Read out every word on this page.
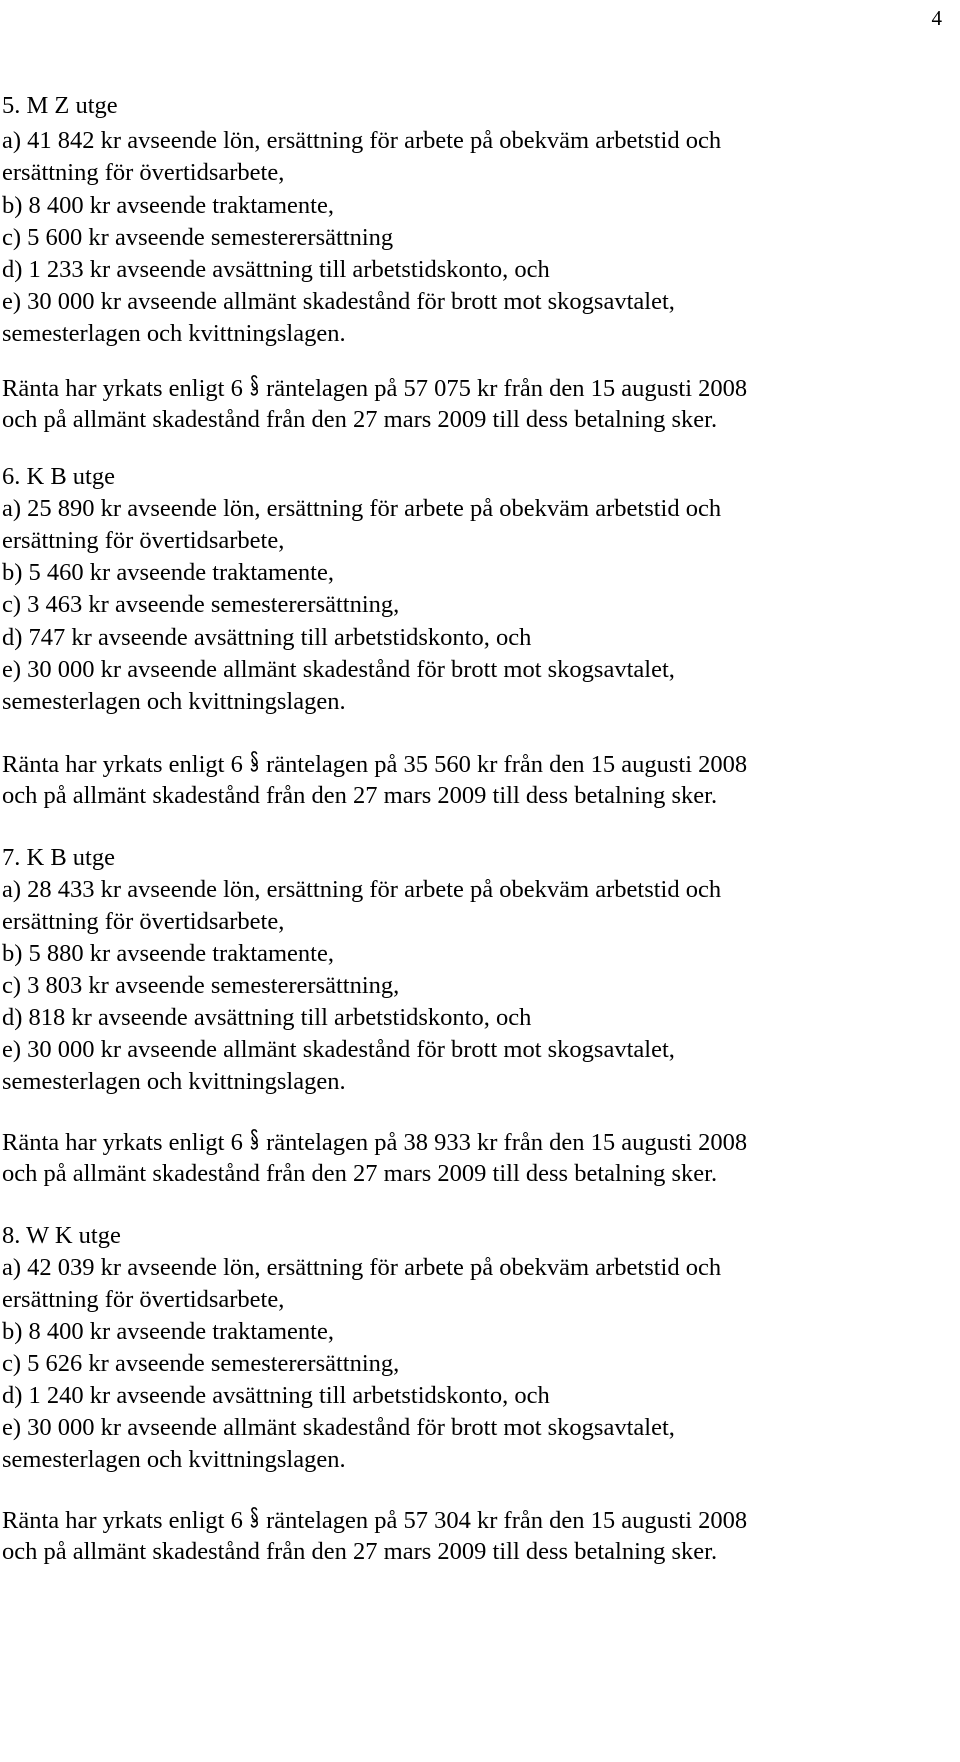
4
5. M Z utge
a) 41 842 kr avseende lön, ersättning för arbete på obekväm arbetstid och
ersättning för övertidsarbete,
b) 8 400 kr avseende traktamente,
c) 5 600 kr avseende semesterersättning
d) 1 233 kr avseende avsättning till arbetstidskonto, och
e) 30 000 kr avseende allmänt skadestånd för brott mot skogsavtalet,
semesterlagen och kvittningslagen.
Ränta har yrkats enligt 6 räntelagen på 57 075 kr från den 15 augusti 2008
och på allmänt skadestånd från den 27 mars 2009 till dess betalning sker.
6. K B utge
a) 25 890 kr avseende lön, ersättning för arbete på obekväm arbetstid och
ersättning för övertidsarbete,
b) 5 460 kr avseende traktamente,
c) 3 463 kr avseende semesterersättning,
d) 747 kr avseende avsättning till arbetstidskonto, och
e) 30 000 kr avseende allmänt skadestånd för brott mot skogsavtalet,
semesterlagen och kvittningslagen.
Ränta har yrkats enligt 6 räntelagen på 35 560 kr från den 15 augusti 2008
och på allmänt skadestånd från den 27 mars 2009 till dess betalning sker.
7. K B utge
a) 28 433 kr avseende lön, ersättning för arbete på obekväm arbetstid och
ersättning för övertidsarbete,
b) 5 880 kr avseende traktamente,
c) 3 803 kr avseende semesterersättning,
d) 818 kr avseende avsättning till arbetstidskonto, och
e) 30 000 kr avseende allmänt skadestånd för brott mot skogsavtalet,
semesterlagen och kvittningslagen.
Ränta har yrkats enligt 6 räntelagen på 38 933 kr från den 15 augusti 2008
och på allmänt skadestånd från den 27 mars 2009 till dess betalning sker.
8. W K utge
a) 42 039 kr avseende lön, ersättning för arbete på obekväm arbetstid och
ersättning för övertidsarbete,
b) 8 400 kr avseende traktamente,
c) 5 626 kr avseende semesterersättning,
d) 1 240 kr avseende avsättning till arbetstidskonto, och
e) 30 000 kr avseende allmänt skadestånd för brott mot skogsavtalet,
semesterlagen och kvittningslagen.
Ränta har yrkats enligt 6 räntelagen på 57 304 kr från den 15 augusti 2008
och på allmänt skadestånd från den 27 mars 2009 till dess betalning sker.
